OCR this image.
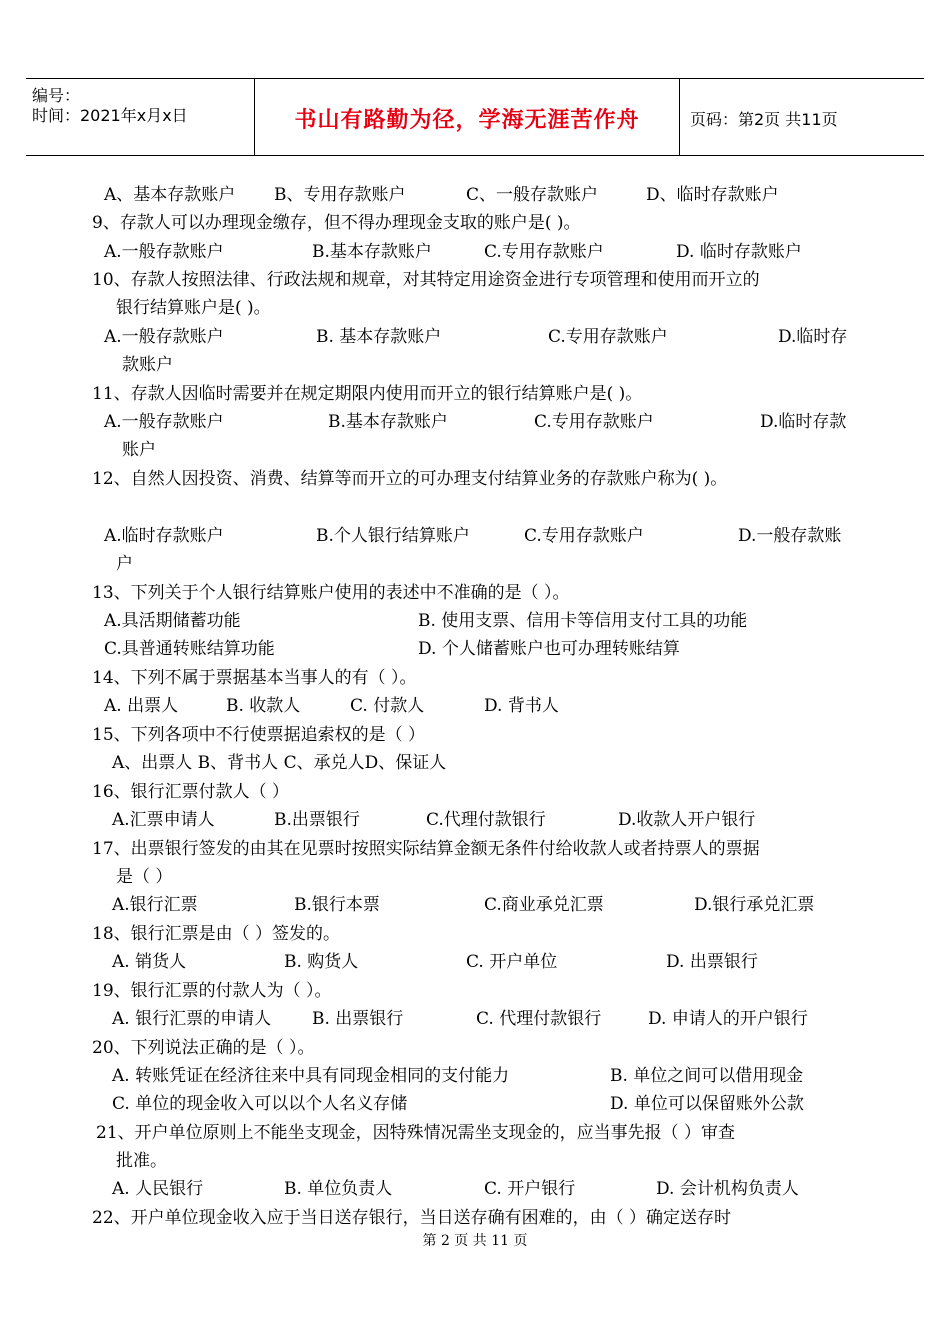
编号：
时间：2021年x月x日	书山有路勤为径，学海无涯苦作舟	页码：第2页 共11页
A、基本存款账户 B、专用存款账户	C、一般存款账户	D、临时存款账户
9、存款人可以办理现金缴存，但不得办理现金支取的账户是( )。
A.一般存款账户	B.基本存款账户	C.专用存款账户	D. 临时存款账户
10、存款人按照法律、行政法规和规章，对其特定用途资金进行专项管理和使用而开立的
银行结算账户是( )。
A.一般存款账户	B. 基本存款账户	C.专用存款账户	D.临时存
款账户
11、存款人因临时需要并在规定期限内使用而开立的银行结算账户是( )。
A.一般存款账户	B.基本存款账户	C.专用存款账户	D.临时存款
账户
12、自然人因投资、消费、结算等而开立的可办理支付结算业务的存款账户称为( )。
A.临时存款账户	B.个人银行结算账户	C.专用存款账户	D.一般存款账
户
13、下列关于个人银行结算账户使用的表述中不准确的是（ ）。
A.具活期储蓄功能	B. 使用支票、信用卡等信用支付工具的功能
C.具普通转账结算功能	D. 个人储蓄账户也可办理转账结算
14、下列不属于票据基本当事人的有（ ）。
A. 出票人	B. 收款人	C. 付款人	D. 背书人
15、下列各项中不行使票据追索权的是（ ）
A、出票人 B、背书人 C、承兑人D、保证人
16、银行汇票付款人（ ）
A.汇票申请人	B.出票银行	C.代理付款银行	D.收款人开户银行
17、出票银行签发的由其在见票时按照实际结算金额无条件付给收款人或者持票人的票据
是（ ）
A.银行汇票	B.银行本票	C.商业承兑汇票	D.银行承兑汇票
18、银行汇票是由（ ）签发的。
A. 销货人	B. 购货人	C. 开户单位	D. 出票银行
19、银行汇票的付款人为（ ）。
A. 银行汇票的申请人 B. 出票银行	C. 代理付款银行	D. 申请人的开户银行
20、下列说法正确的是（ ）。
A. 转账凭证在经济往来中具有同现金相同的支付能力	B. 单位之间可以借用现金
C. 单位的现金收入可以以个人名义存储	D. 单位可以保留账外公款
21、开户单位原则上不能坐支现金，因特殊情况需坐支现金的，应当事先报（ ）审查
批准。
A. 人民银行	B. 单位负责人	C. 开户银行	D. 会计机构负责人
22、开户单位现金收入应于当日送存银行，当日送存确有困难的，由（ ）确定送存时
第 2 页 共 11 页
